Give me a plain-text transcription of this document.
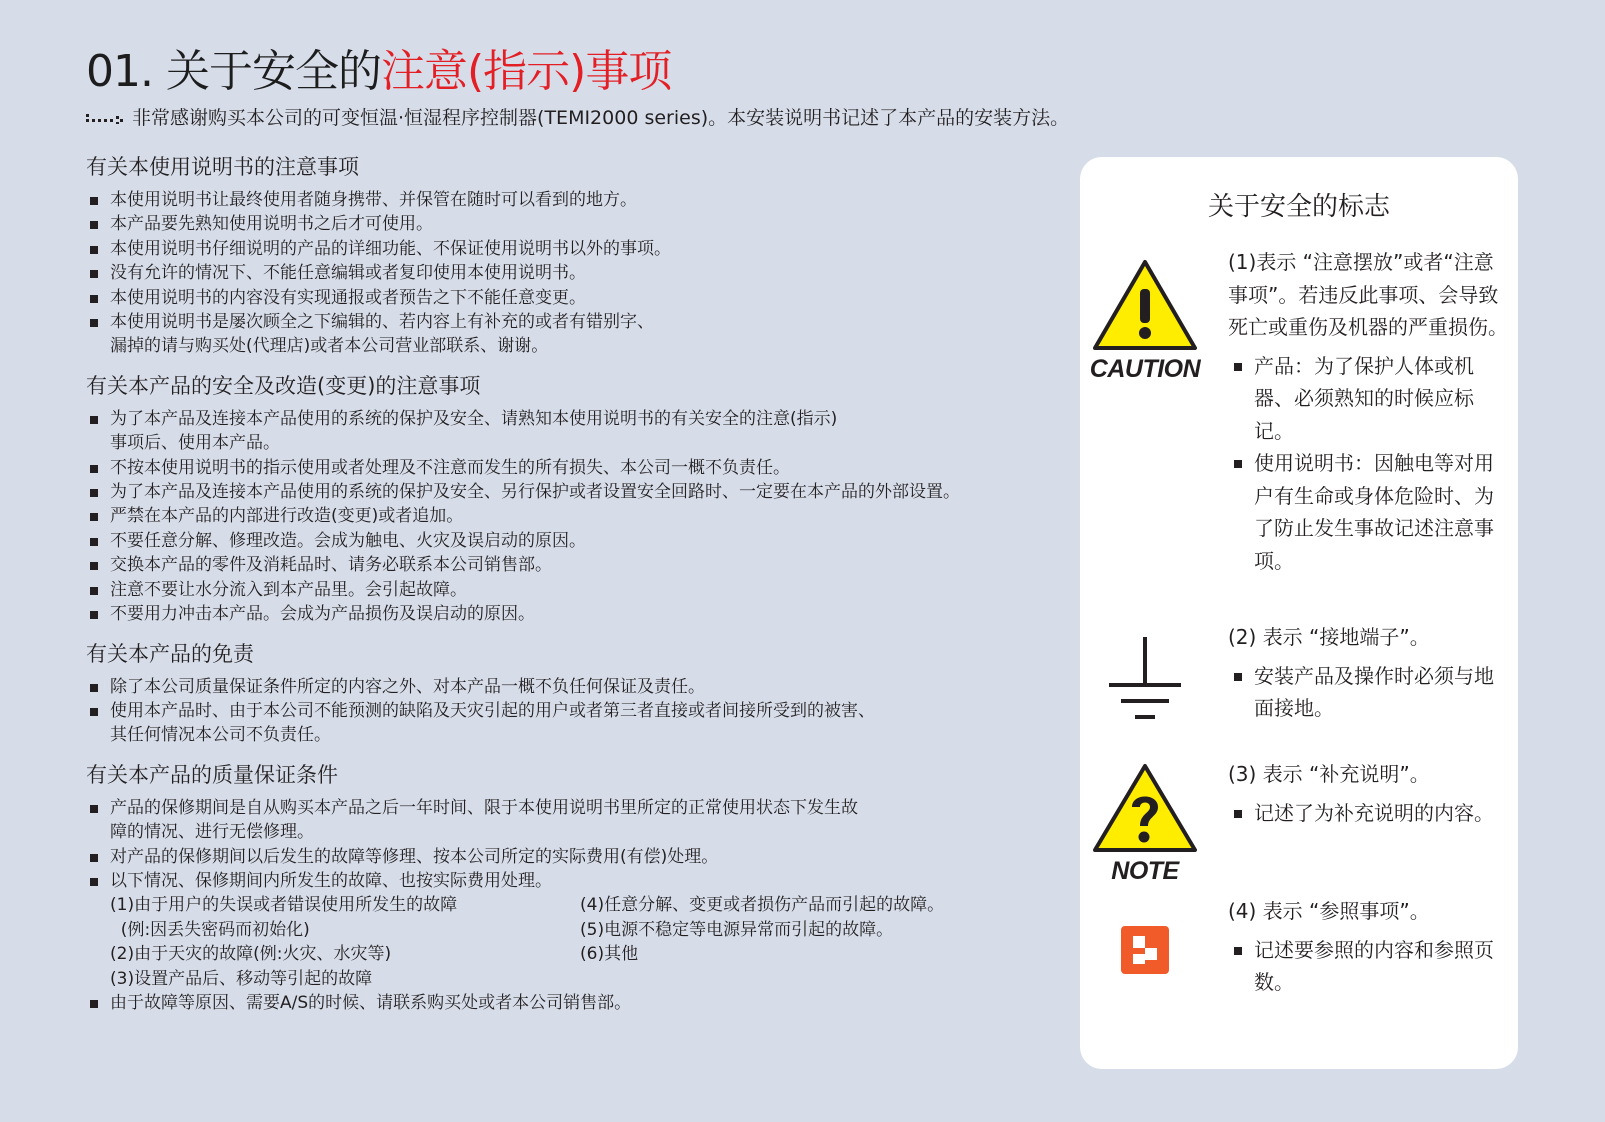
01. 关于安全的注意(指示)事项
非常感谢购买本公司的可变恒温·恒湿程序控制器(TEMI2000 series)。本安装说明书记述了本产品的安装方法。
有关本使用说明书的注意事项
本使用说明书让最终使用者随身携带、并保管在随时可以看到的地方。
本产品要先熟知使用说明书之后才可使用。
本使用说明书仔细说明的产品的详细功能、不保证使用说明书以外的事项。
没有允许的情况下、不能任意编辑或者复印使用本使用说明书。
本使用说明书的内容没有实现通报或者预告之下不能任意变更。
本使用说明书是屡次顾全之下编辑的、若内容上有补充的或者有错别字、
漏掉的请与购买处(代理店)或者本公司营业部联系、谢谢。
有关本产品的安全及改造(变更)的注意事项
为了本产品及连接本产品使用的系统的保护及安全、请熟知本使用说明书的有关安全的注意(指示)
事项后、使用本产品。
不按本使用说明书的指示使用或者处理及不注意而发生的所有损失、本公司一概不负责任。
为了本产品及连接本产品使用的系统的保护及安全、另行保护或者设置安全回路时、一定要在本产品的外部设置。
严禁在本产品的内部进行改造(变更)或者追加。
不要任意分解、修理改造。会成为触电、火灾及误启动的原因。
交换本产品的零件及消耗品时、请务必联系本公司销售部。
注意不要让水分流入到本产品里。会引起故障。
不要用力冲击本产品。会成为产品损伤及误启动的原因。
有关本产品的免责
除了本公司质量保证条件所定的内容之外、对本产品一概不负任何保证及责任。
使用本产品时、由于本公司不能预测的缺陷及天灾引起的用户或者第三者直接或者间接所受到的被害、
其任何情况本公司不负责任。
有关本产品的质量保证条件
产品的保修期间是自从购买本产品之后一年时间、限于本使用说明书里所定的正常使用状态下发生故
障的情况、进行无偿修理。
对产品的保修期间以后发生的故障等修理、按本公司所定的实际费用(有偿)处理。
以下情况、保修期间内所发生的故障、也按实际费用处理。
(1)由于用户的失误或者错误使用所发生的故障	(4)任意分解、变更或者损伤产品而引起的故障。
(例:因丢失密码而初始化)	(5)电源不稳定等电源异常而引起的故障。
(2)由于天灾的故障(例:火灾、水灾等)	(6)其他
(3)设置产品后、移动等引起的故障
由于故障等原因、需要A/S的时候、请联系购买处或者本公司销售部。
关于安全的标志
CAUTION
(1)表示 “注意摆放”或者“注意事项”。若违反此事项、会导致死亡或重伤及机器的严重损伤。
产品：为了保护人体或机器、必须熟知的时候应标记。
使用说明书：因触电等对用户有生命或身体危险时、为了防止发生事故记述注意事项。
(2) 表示 “接地端子”。
安装产品及操作时必须与地面接地。
NOTE
(3) 表示 “补充说明”。
记述了为补充说明的内容。
(4) 表示 “参照事项”。
记述要参照的内容和参照页数。
